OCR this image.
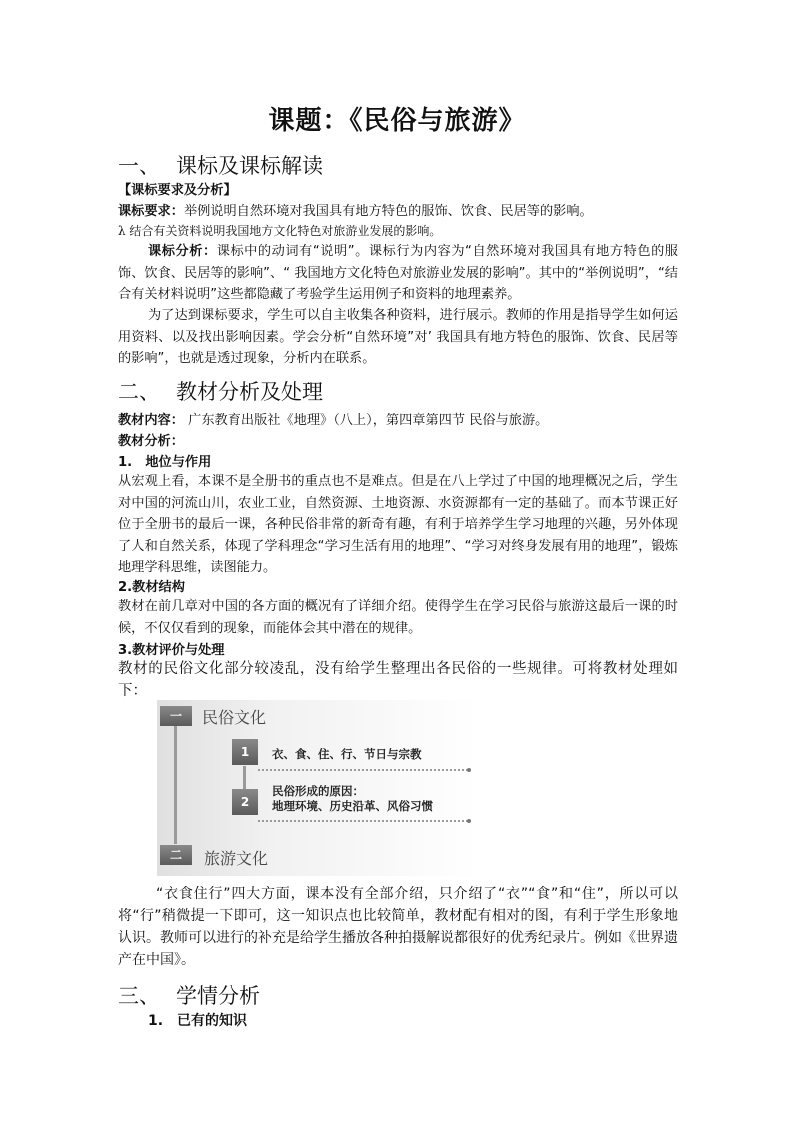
课题：《民俗与旅游》
一、 课标及课标解读
【课标要求及分析】
课标要求：举例说明自然环境对我国具有地方特色的服饰、饮食、民居等的影响。
λ 结合有关资料说明我国地方文化特色对旅游业发展的影响。
课标分析：课标中的动词有“说明”。课标行为内容为“自然环境对我国具有地方特色的服饰、饮食、民居等的影响”、“ 我国地方文化特色对旅游业发展的影响”。其中的“举例说明”，“结合有关材料说明”这些都隐藏了考验学生运用例子和资料的地理素养。
为了达到课标要求，学生可以自主收集各种资料，进行展示。教师的作用是指导学生如何运用资料、以及找出影响因素。学会分析“自然环境”对’ 我国具有地方特色的服饰、饮食、民居等的影响”，也就是透过现象，分析内在联系。
二、 教材分析及处理
教材内容： 广东教育出版社《地理》（八上），第四章第四节 民俗与旅游。
教材分析：
1.　地位与作用
从宏观上看，本课不是全册书的重点也不是难点。但是在八上学过了中国的地理概况之后，学生对中国的河流山川，农业工业，自然资源、土地资源、水资源都有一定的基础了。而本节课正好位于全册书的最后一课，各种民俗非常的新奇有趣，有利于培养学生学习地理的兴趣，另外体现了人和自然关系，体现了学科理念“学习生活有用的地理”、“学习对终身发展有用的地理”，锻炼地理学科思维，读图能力。
2.教材结构
教材在前几章对中国的各方面的概况有了详细介绍。使得学生在学习民俗与旅游这最后一课的时候，不仅仅看到的现象，而能体会其中潜在的规律。
3.教材评价与处理
教材的民俗文化部分较凌乱，没有给学生整理出各民俗的一些规律。可将教材处理如下：
一	民俗文化
1	衣、食、住、行、节日与宗教
2
民俗形成的原因：
地理环境、历史沿革、风俗习惯
二	旅游文化
“衣食住行”四大方面，课本没有全部介绍，只介绍了“衣”“食”和“住”，所以可以将“行”稍微提一下即可，这一知识点也比较简单，教材配有相对的图，有利于学生形象地认识。教师可以进行的补充是给学生播放各种拍摄解说都很好的优秀纪录片。例如《世界遗产在中国》。
三、 学情分析
1.　已有的知识
